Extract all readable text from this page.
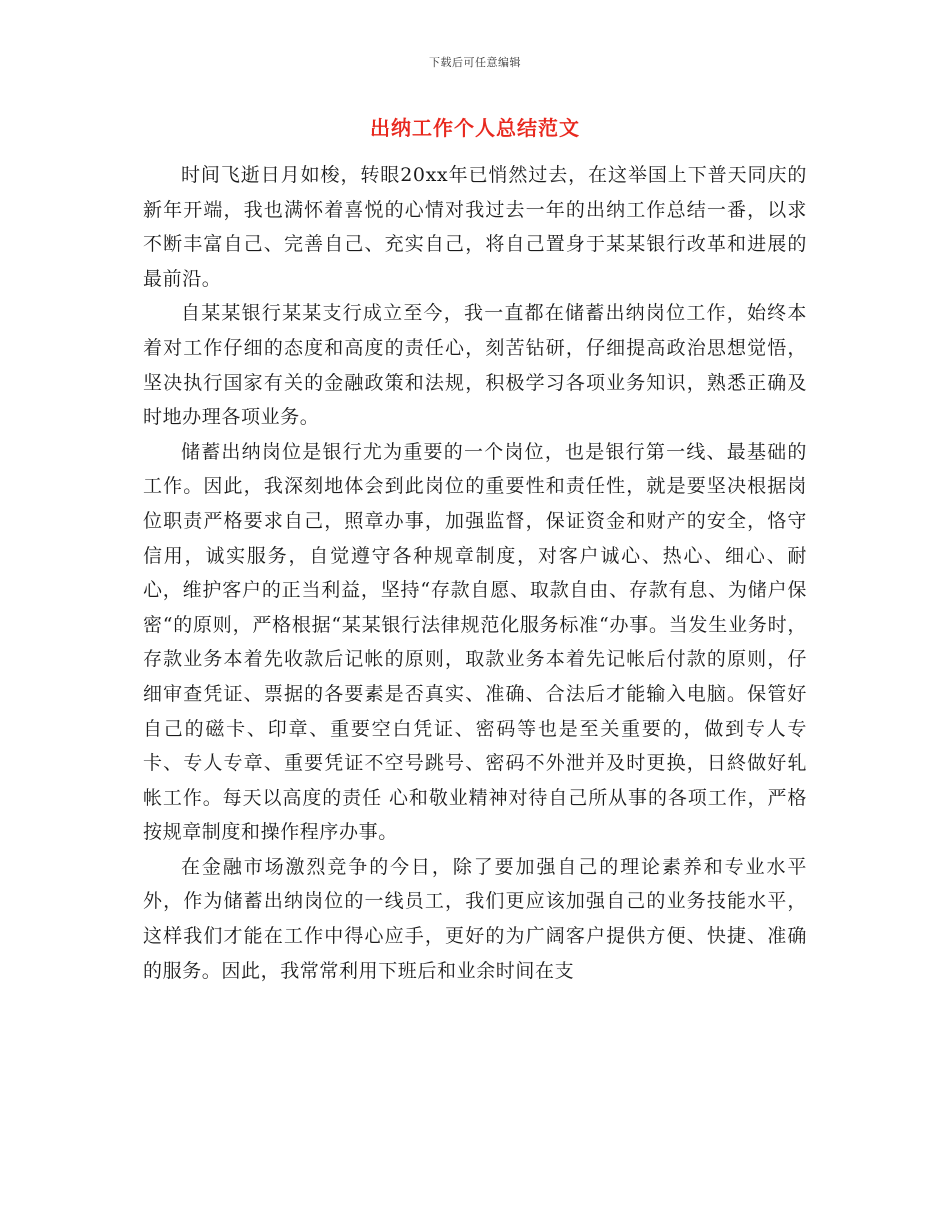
下载后可任意编辑
出纳工作个人总结范文

时间飞逝日月如梭，转眼20xx年已悄然过去，在这举国上下普天同庆的新年开端，我也满怀着喜悦的心情对我过去一年的出纳工作总结一番，以求不断丰富自己、完善自己、充实自己，将自己置身于某某银行改革和进展的最前沿。

自某某银行某某支行成立至今，我一直都在储蓄出纳岗位工作，始终本着对工作仔细的态度和高度的责任心，刻苦钻研，仔细提高政治思想觉悟，坚决执行国家有关的金融政策和法规，积极学习各项业务知识，熟悉正确及时地办理各项业务。

储蓄出纳岗位是银行尤为重要的一个岗位，也是银行第一线、最基础的工作。因此，我深刻地体会到此岗位的重要性和责任性，就是要坚决根据岗位职责严格要求自己，照章办事，加强监督，保证资金和财产的安全，恪守信用，诚实服务，自觉遵守各种规章制度，对客户诚心、热心、细心、耐心，维护客户的正当利益，坚持“存款自愿、取款自由、存款有息、为储户保密“的原则，严格根据“某某银行法律规范化服务标准“办事。当发生业务时，存款业务本着先收款后记帐的原则，取款业务本着先记帐后付款的原则，仔细审查凭证、票据的各要素是否真实、准确、合法后才能输入电脑。保管好自己的磁卡、印章、重要空白凭证、密码等也是至关重要的，做到专人专卡、专人专章、重要凭证不空号跳号、密码不外泄并及时更换，日終做好轧帐工作。每天以高度的责任 心和敬业精神对待自己所从事的各项工作，严格按规章制度和操作程序办事。

在金融市场激烈竞争的今日，除了要加强自己的理论素养和专业水平外，作为储蓄出纳岗位的一线员工，我们更应该加强自己的业务技能水平，这样我们才能在工作中得心应手，更好的为广阔客户提供方便、快捷、准确的服务。因此，我常常利用下班后和业余时间在支
